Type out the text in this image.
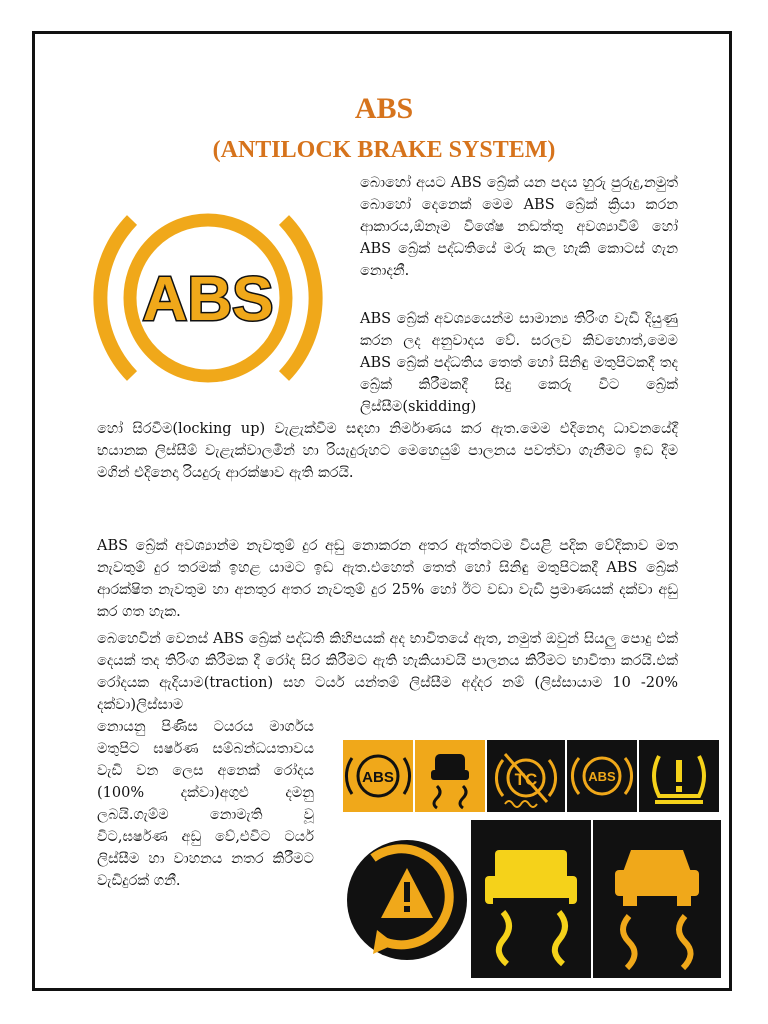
ABS
(ANTILOCK BRAKE SYSTEM)
ABS

බොහෝ අයට ABS බ්‍රේක් යන පදය හුරු පුරුදු,නමුත් බොහෝ දෙනෙක් මෙම ABS බ්‍රේක් ක්‍රියා කරන ආකාරය,ඕනෑම විශේෂ නඩත්තු අවශ්‍යාවීම් හෝ ABS බ්‍රේක් පද්ධතියේ මරු කල හැකි කොටස් ගැන නොදනී.

ABS බ්‍රේක් අවශ්‍යයෙන්ම සාමාන්‍ය තිරිංග වැඩි දියුණු කරන ලද අනුවාදය වේ. සරලව කිවහොත්,මෙම ABS බ්‍රේක් පද්ධතිය තෙත් හෝ සිනිඳු මතුපිටකදී තද බ්‍රේක් කිරීමකදී සිදු කෙරු විට බ්‍රේක් ලිස්සීම(skidding)

හෝ සිරවීම(locking up) වැළැක්වීම සඳහා නිර්මාණය කර ඇත.මෙම එදිනෙදා ධාවනයේදී භයානක ලිස්සීම් වැළැක්වාලමින් හා රියැදුරුහට මෙහෙයුම් පාලනය පවත්වා ගැනීමට ඉඩ දීම මගින් එදිනෙදා රියදුරු ආරක්ෂාව ඇති කරයි.

ABS බ්‍රේක් අවශ්‍යාන්ම නැවතුම් දුර අඩු නොකරන අතර ඇත්තටම වියළි පදික වේදිකාව මත නැවතුම් දුර තරමක් ඉහළ යාමට ඉඩ ඇත.එහෙත් තෙත් හෝ සිනිඳු මතුපිටකදී ABS බ්‍රේක් ආරක්ෂිත නැවතුම හා අනතුර අතර නැවතුම් දුර 25% හෝ ඊට වඩා වැඩි ප්‍රමාණයක් දක්වා අඩු කර ගත හැක.

බෙහෙවින් වෙනස් ABS බ්‍රේක් පද්ධති කිහිපයක් අද භාවිතයේ ඇත, නමුත් ඔවුන් සියලු පොදු එක් දෙයක් තද තිරිංග කිරීමක දී රෝද සිර කිරීමට ඇති හැකියාවයි පාලනය කිරීමට භාවිතා කරයි.එක් රෝදයක ඇදියාම(traction) සහ ටයර් යන්තම් ලිස්සීම අද්දර නම් (ලිස්සායාම 10 -20% දක්වා)ලිස්සාම

නොයනු පිණිස ටයරය මාර්ගය මතුපිට ඝර්ෂණ සම්බන්ධයතාවය වැඩි වන ලෙස අනෙක් රෝදය (100% දක්වා)අගුළු දමනු ලබයි.ගැම්ම නොමැති වූ විට,ඝර්ෂණ අඩු වේ,එවිට ටයර් ලිස්සීම හා වාහනය නතර කිරීමට වැඩිදුරක් ගනී.

ABS	TC	ABS
